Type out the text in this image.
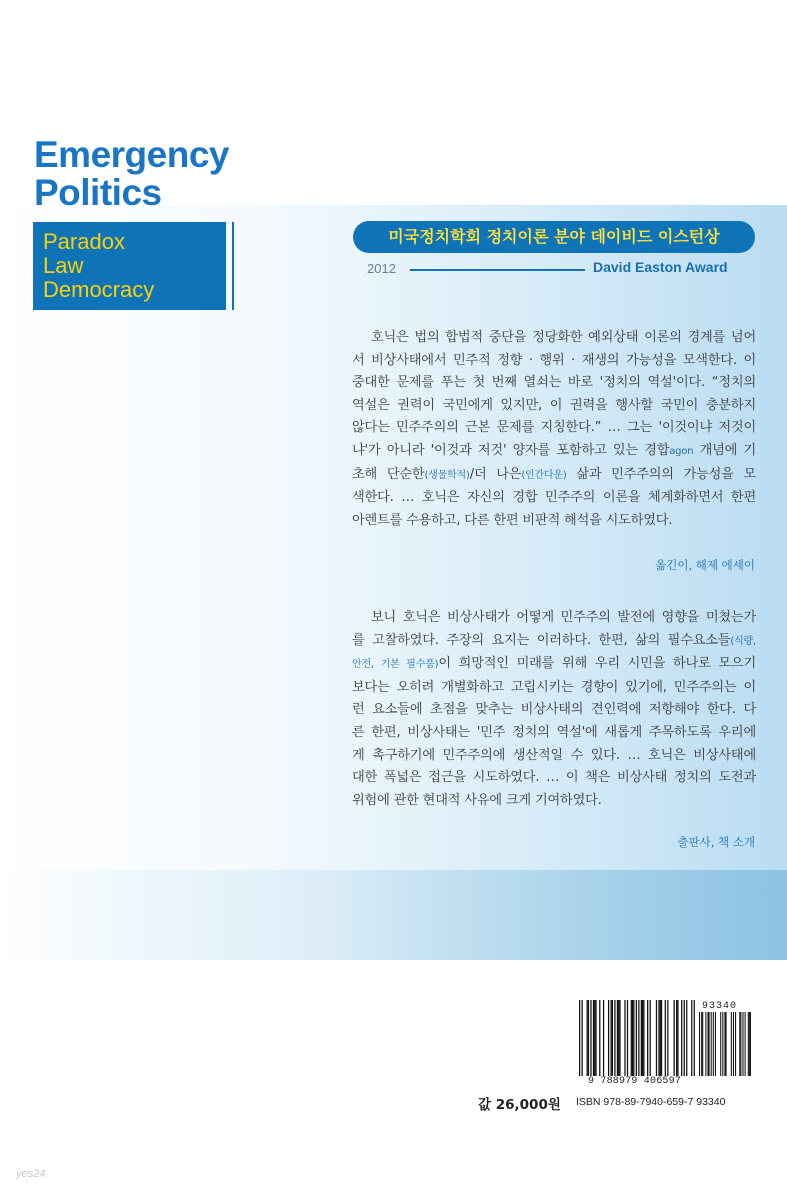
Emergency
Politics
Paradox
Law
Democracy
미국정치학회 정치이론 분야 데이비드 이스턴상
2012	David Easton Award
호닉은 법의 합법적 중단을 정당화한 예외상태 이론의 경계를 넘어
서 비상사태에서 민주적 정향 · 행위 · 재생의 가능성을 모색한다. 이
중대한 문제를 푸는 첫 번째 열쇠는 바로 '정치의 역설'이다. “정치의
역설은 권력이 국민에게 있지만, 이 권력을 행사할 국민이 충분하지
않다는 민주주의의 근본 문제를 지칭한다.” … 그는 '이것이냐 저것이
냐'가 아니라 '이것과 저것' 양자를 포함하고 있는 경합agon 개념에 기
초해 단순한(생물학적)/더 나은(인간다운) 삶과 민주주의의 가능성을 모
색한다. … 호닉은 자신의 경합 민주주의 이론을 체계화하면서 한편
아렌트를 수용하고, 다른 한편 비판적 해석을 시도하였다.
옮긴이, 해제 에세이
보니 호닉은 비상사태가 어떻게 민주주의 발전에 영향을 미쳤는가
를 고찰하였다. 주장의 요지는 이러하다. 한편, 삶의 필수요소들(식량,
안전, 기본 필수품)이 희망적인 미래를 위해 우리 시민을 하나로 모으기
보다는 오히려 개별화하고 고립시키는 경향이 있기에, 민주주의는 이
런 요소들에 초점을 맞추는 비상사태의 견인력에 저항해야 한다. 다
른 한편, 비상사태는 '민주 정치의 역설'에 새롭게 주목하도록 우리에
게 촉구하기에 민주주의에 생산적일 수 있다. … 호닉은 비상사태에
대한 폭넓은 접근을 시도하였다. … 이 책은 비상사태 정치의 도전과
위험에 관한 현대적 사유에 크게 기여하였다.
출판사, 책 소개
93340
9 788979 406597
값 26,000원 ISBN 978-89-7940-659-7 93340
yes24
